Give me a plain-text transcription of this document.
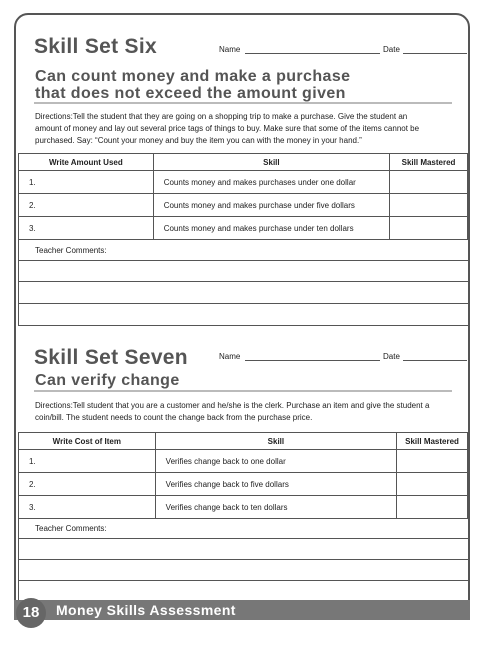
Skill Set Six	Name	Date
Can count money and make a purchase
that does not exceed the amount given
Directions:Tell the student that they are going on a shopping trip to make a purchase. Give the student an
amount of money and lay out several price tags of things to buy. Make sure that some of the items cannot be
purchased. Say: “Count your money and buy the item you can with the money in your hand.”
Write Amount Used	Skill	Skill Mastered
1.	Counts money and makes purchases under one dollar	
2.	Counts money and makes purchase under five dollars	
3.	Counts money and makes purchase under ten dollars	
Teacher Comments:
Skill Set Seven	Name	Date
Can verify change
Directions:Tell student that you are a customer and he/she is the clerk. Purchase an item and give the student a
coin/bill. The student needs to count the change back from the purchase price.
Write Cost of Item	Skill	Skill Mastered
1.	Verifies change back to one dollar	
2.	Verifies change back to five dollars	
3.	Verifies change back to ten dollars	
Teacher Comments:
18	Money Skills Assessment
